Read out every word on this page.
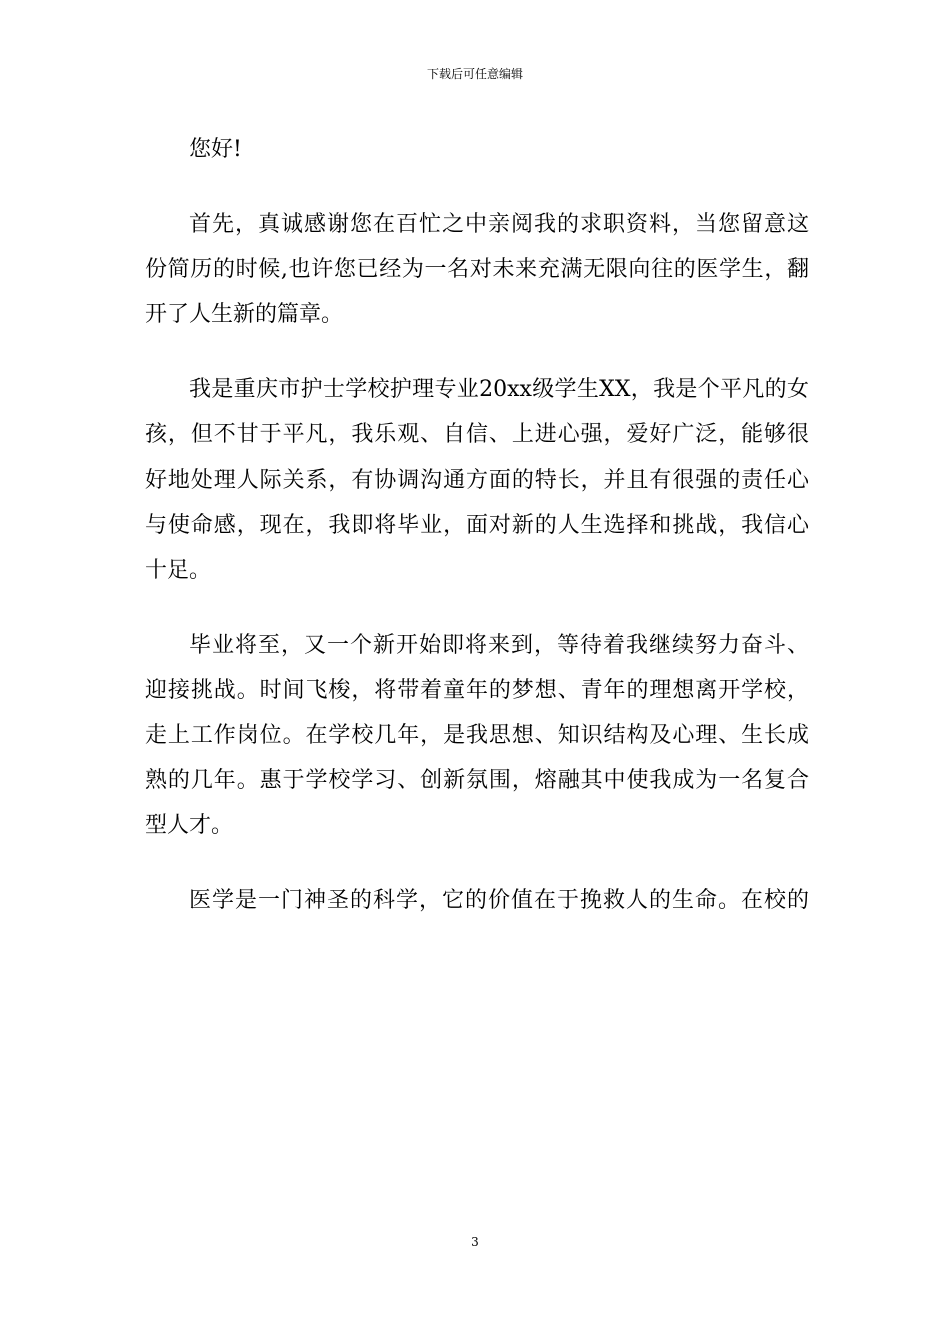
下载后可任意编辑
您好!
首先，真诚感谢您在百忙之中亲阅我的求职资料，当您留意这
份简历的时候,也许您已经为一名对未来充满无限向往的医学生，翻
开了人生新的篇章。
我是重庆市护士学校护理专业20xx级学生XX，我是个平凡的女
孩，但不甘于平凡，我乐观、自信、上进心强，爱好广泛，能够很
好地处理人际关系，有协调沟通方面的特长，并且有很强的责任心
与使命感，现在，我即将毕业，面对新的人生选择和挑战，我信心
十足。
毕业将至，又一个新开始即将来到，等待着我继续努力奋斗、
迎接挑战。时间飞梭，将带着童年的梦想、青年的理想离开学校，
走上工作岗位。在学校几年，是我思想、知识结构及心理、生长成
熟的几年。惠于学校学习、创新氛围，熔融其中使我成为一名复合
型人才。
医学是一门神圣的科学，它的价值在于挽救人的生命。在校的
3
